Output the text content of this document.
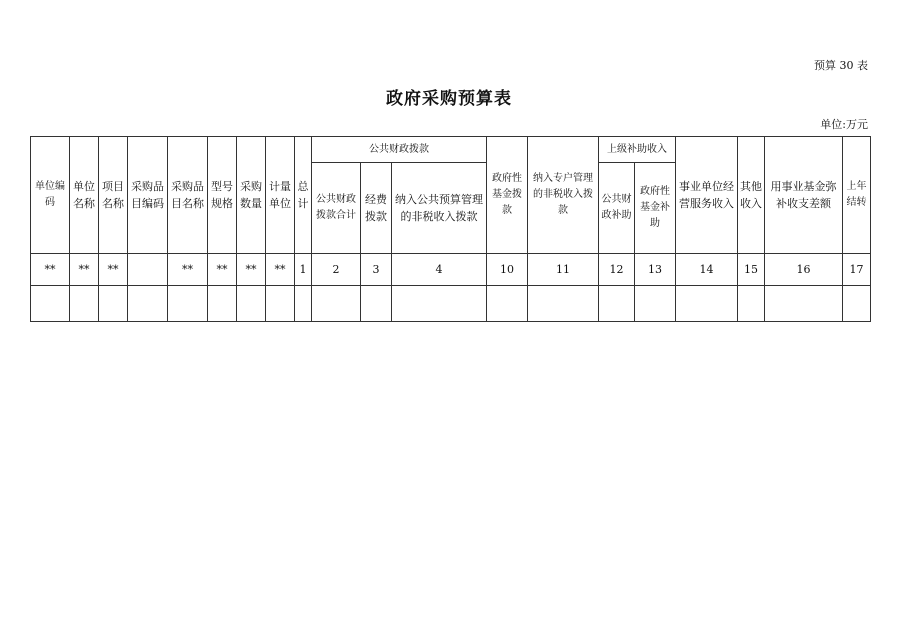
预算 30 表
政府采购预算表
单位:万元
单位编码	单位名称	项目名称	采购品目编码	采购品目名称	型号规格	采购数量	计量单位	总计	公共财政拨款			政府性基金拨款	纳入专户管理的非税收入拨款	上级补助收入		事业单位经营服务收入	其他收入	用事业基金弥补收支差额	上年结转
									公共财政拨款合计	经费拨款	纳入公共预算管理的非税收入拨款			公共财政补助	政府性基金补助				
**	**	**		**	**	**	**	1	2	3	4	10	11	12	13	14	15	16	17
